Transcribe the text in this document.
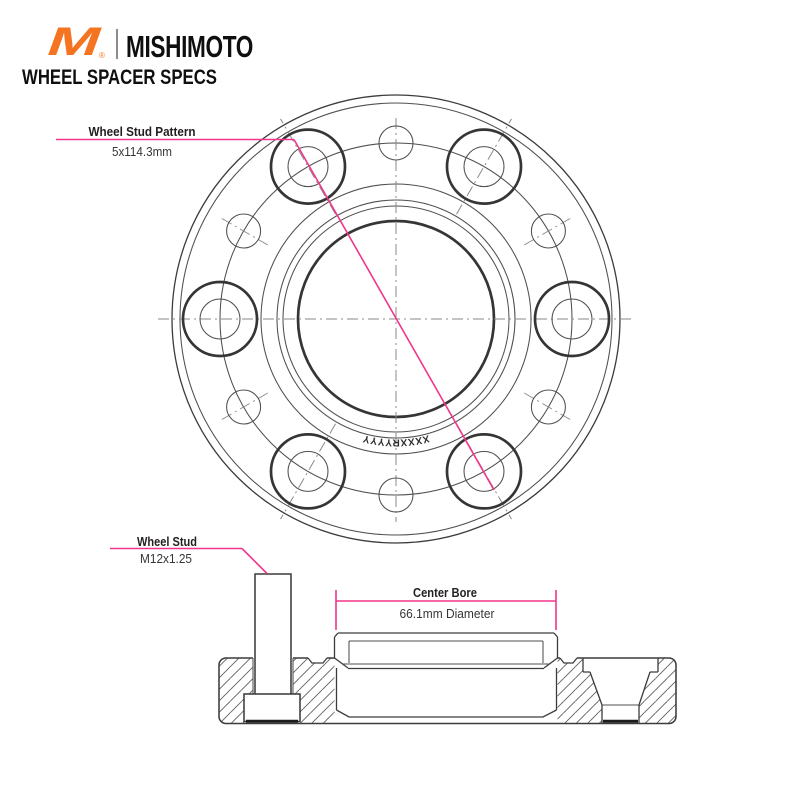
M	® MISHIMOTO
WHEEL SPACER SPECS
XXXXRYYYY
Wheel Stud Pattern
5x114.3mm
Wheel Stud
M12x1.25
Center Bore
66.1mm Diameter
